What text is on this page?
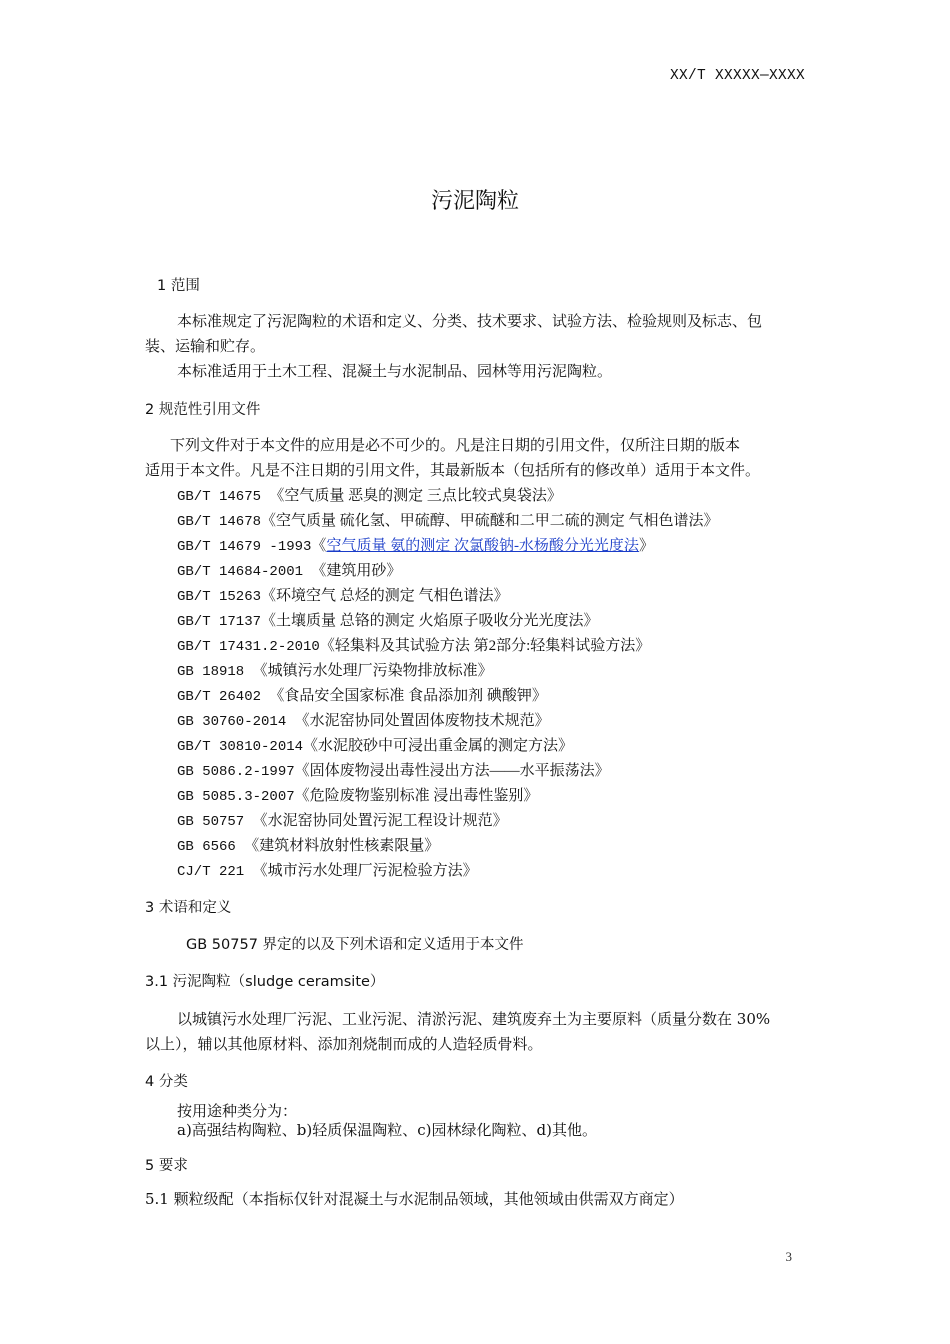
XX/T XXXXX—XXXX
污泥陶粒
1 范围
本标准规定了污泥陶粒的术语和定义、分类、技术要求、试验方法、检验规则及标志、包
装、运输和贮存。
本标准适用于土木工程、混凝土与水泥制品、园林等用污泥陶粒。
2 规范性引用文件
下列文件对于本文件的应用是必不可少的。凡是注日期的引用文件，仅所注日期的版本
适用于本文件。凡是不注日期的引用文件，其最新版本（包括所有的修改单）适用于本文件。
GB/T 14675 《空气质量 恶臭的测定 三点比较式臭袋法》
GB/T 14678《空气质量 硫化氢、甲硫醇、甲硫醚和二甲二硫的测定 气相色谱法》
GB/T 14679 -1993《空气质量 氨的测定 次氯酸钠-水杨酸分光光度法》
GB/T 14684-2001 《建筑用砂》
GB/T 15263《环境空气 总烃的测定 气相色谱法》
GB/T 17137《土壤质量 总铬的测定 火焰原子吸收分光光度法》
GB/T 17431.2-2010《轻集料及其试验方法 第2部分:轻集料试验方法》
GB 18918 《城镇污水处理厂污染物排放标准》
GB/T 26402 《食品安全国家标准 食品添加剂 碘酸钾》
GB 30760-2014 《水泥窑协同处置固体废物技术规范》
GB/T 30810-2014《水泥胶砂中可浸出重金属的测定方法》
GB 5086.2-1997《固体废物浸出毒性浸出方法——水平振荡法》
GB 5085.3-2007《危险废物鉴别标准 浸出毒性鉴别》
GB 50757 《水泥窑协同处置污泥工程设计规范》
GB 6566 《建筑材料放射性核素限量》
CJ/T 221 《城市污水处理厂污泥检验方法》
3 术语和定义
GB 50757 界定的以及下列术语和定义适用于本文件
3.1 污泥陶粒（sludge ceramsite）
以城镇污水处理厂污泥、工业污泥、清淤污泥、建筑废弃土为主要原料（质量分数在 30%
以上），辅以其他原材料、添加剂烧制而成的人造轻质骨料。
4 分类
按用途种类分为：
a)高强结构陶粒、b)轻质保温陶粒、c)园林绿化陶粒、d)其他。
5 要求
5.1 颗粒级配（本指标仅针对混凝土与水泥制品领域，其他领域由供需双方商定）
3
